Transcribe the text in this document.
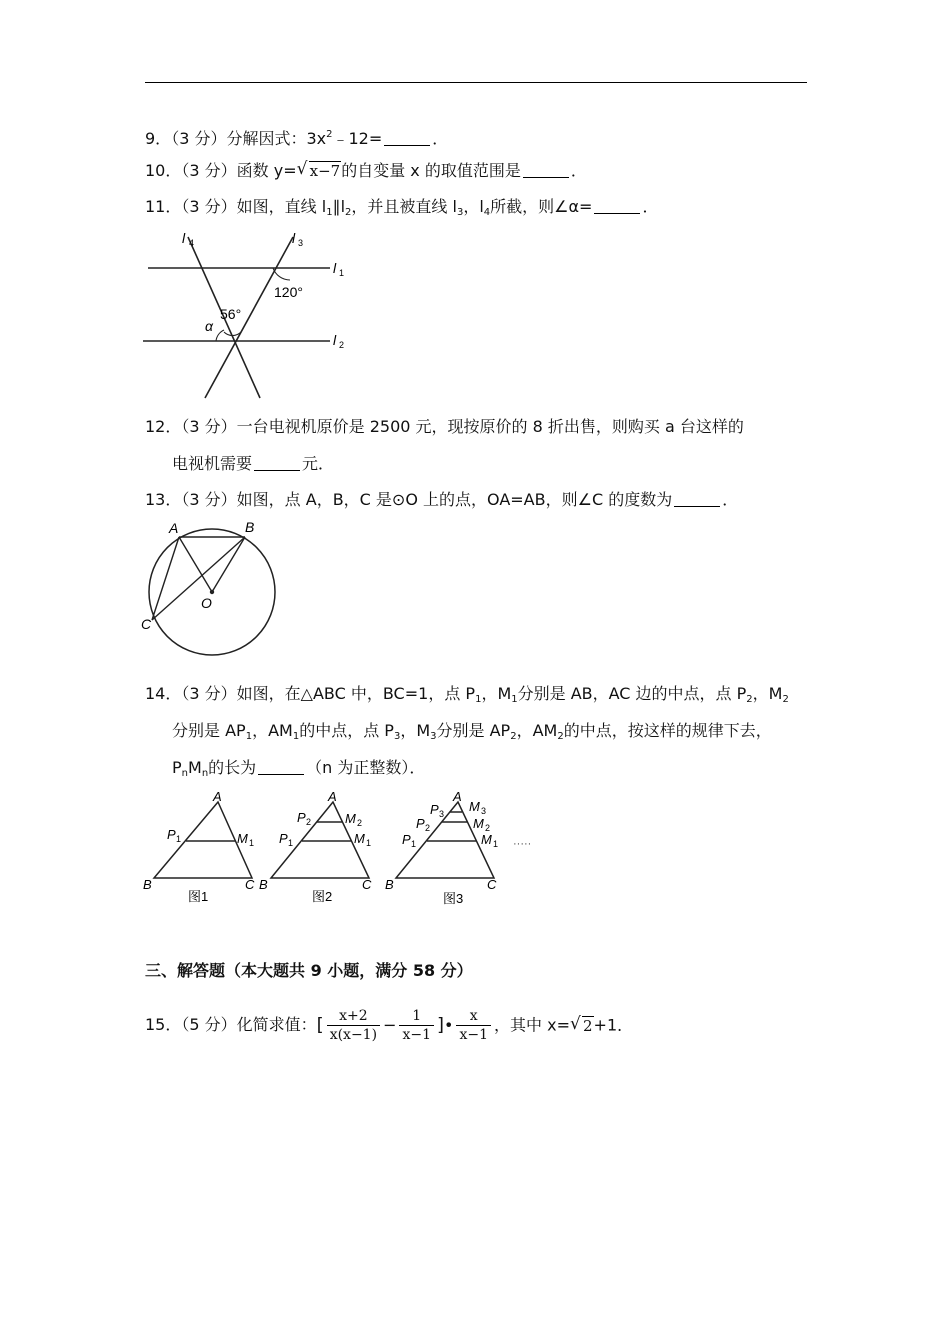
9．（3 分）分解因式：$3x^2﹣12=$	．
10．（3 分）函数 y= √ x−7的自变量 x 的取值范围是	．
11．（3 分）如图，直线 $l_1\parallel l_2$，并且被直线 $l_3$，$l_4$所截，则∠α=	．
l 4	l 3
l 1
l 2
120°
56°
α
12．（3 分）一台电视机原价是 2500 元，现按原价的 8 折出售，则购买 a 台这样的
电视机需要	元．
13．（3 分）如图，点 A，B，C 是⊙O 上的点，OA=AB，则∠C 的度数为	．
A	B
C
O
14．（3 分）如图，在△ABC 中，BC=1，点 $P_1$，$M_1$分别是 AB，AC 边的中点，点 $P_2$，$M_2$
分别是 $AP_1$，$AM_1$的中点，点 $P_3$，$M_3$分别是 $AP_2$，$AM_2$的中点，按这样的规律下去，
$P_nM_n$的长为	（n 为正整数）．
A
P 1	M 1
B	C
图1
A
P 2	M 2
P 1	M 1
B	C
图2
A
P 3 M 3
P 2	M 2
P 1	M 1
B	C
图3
·····
三、解答题（本大题共 9 小题，满分 58 分）
15．（5 分）化简求值：[ $\frac{x+2}{x(x-1)} - \frac{1}{x-1}$ ]• $\frac{x}{x-1}$ ，其中 x= √ 2+1．
